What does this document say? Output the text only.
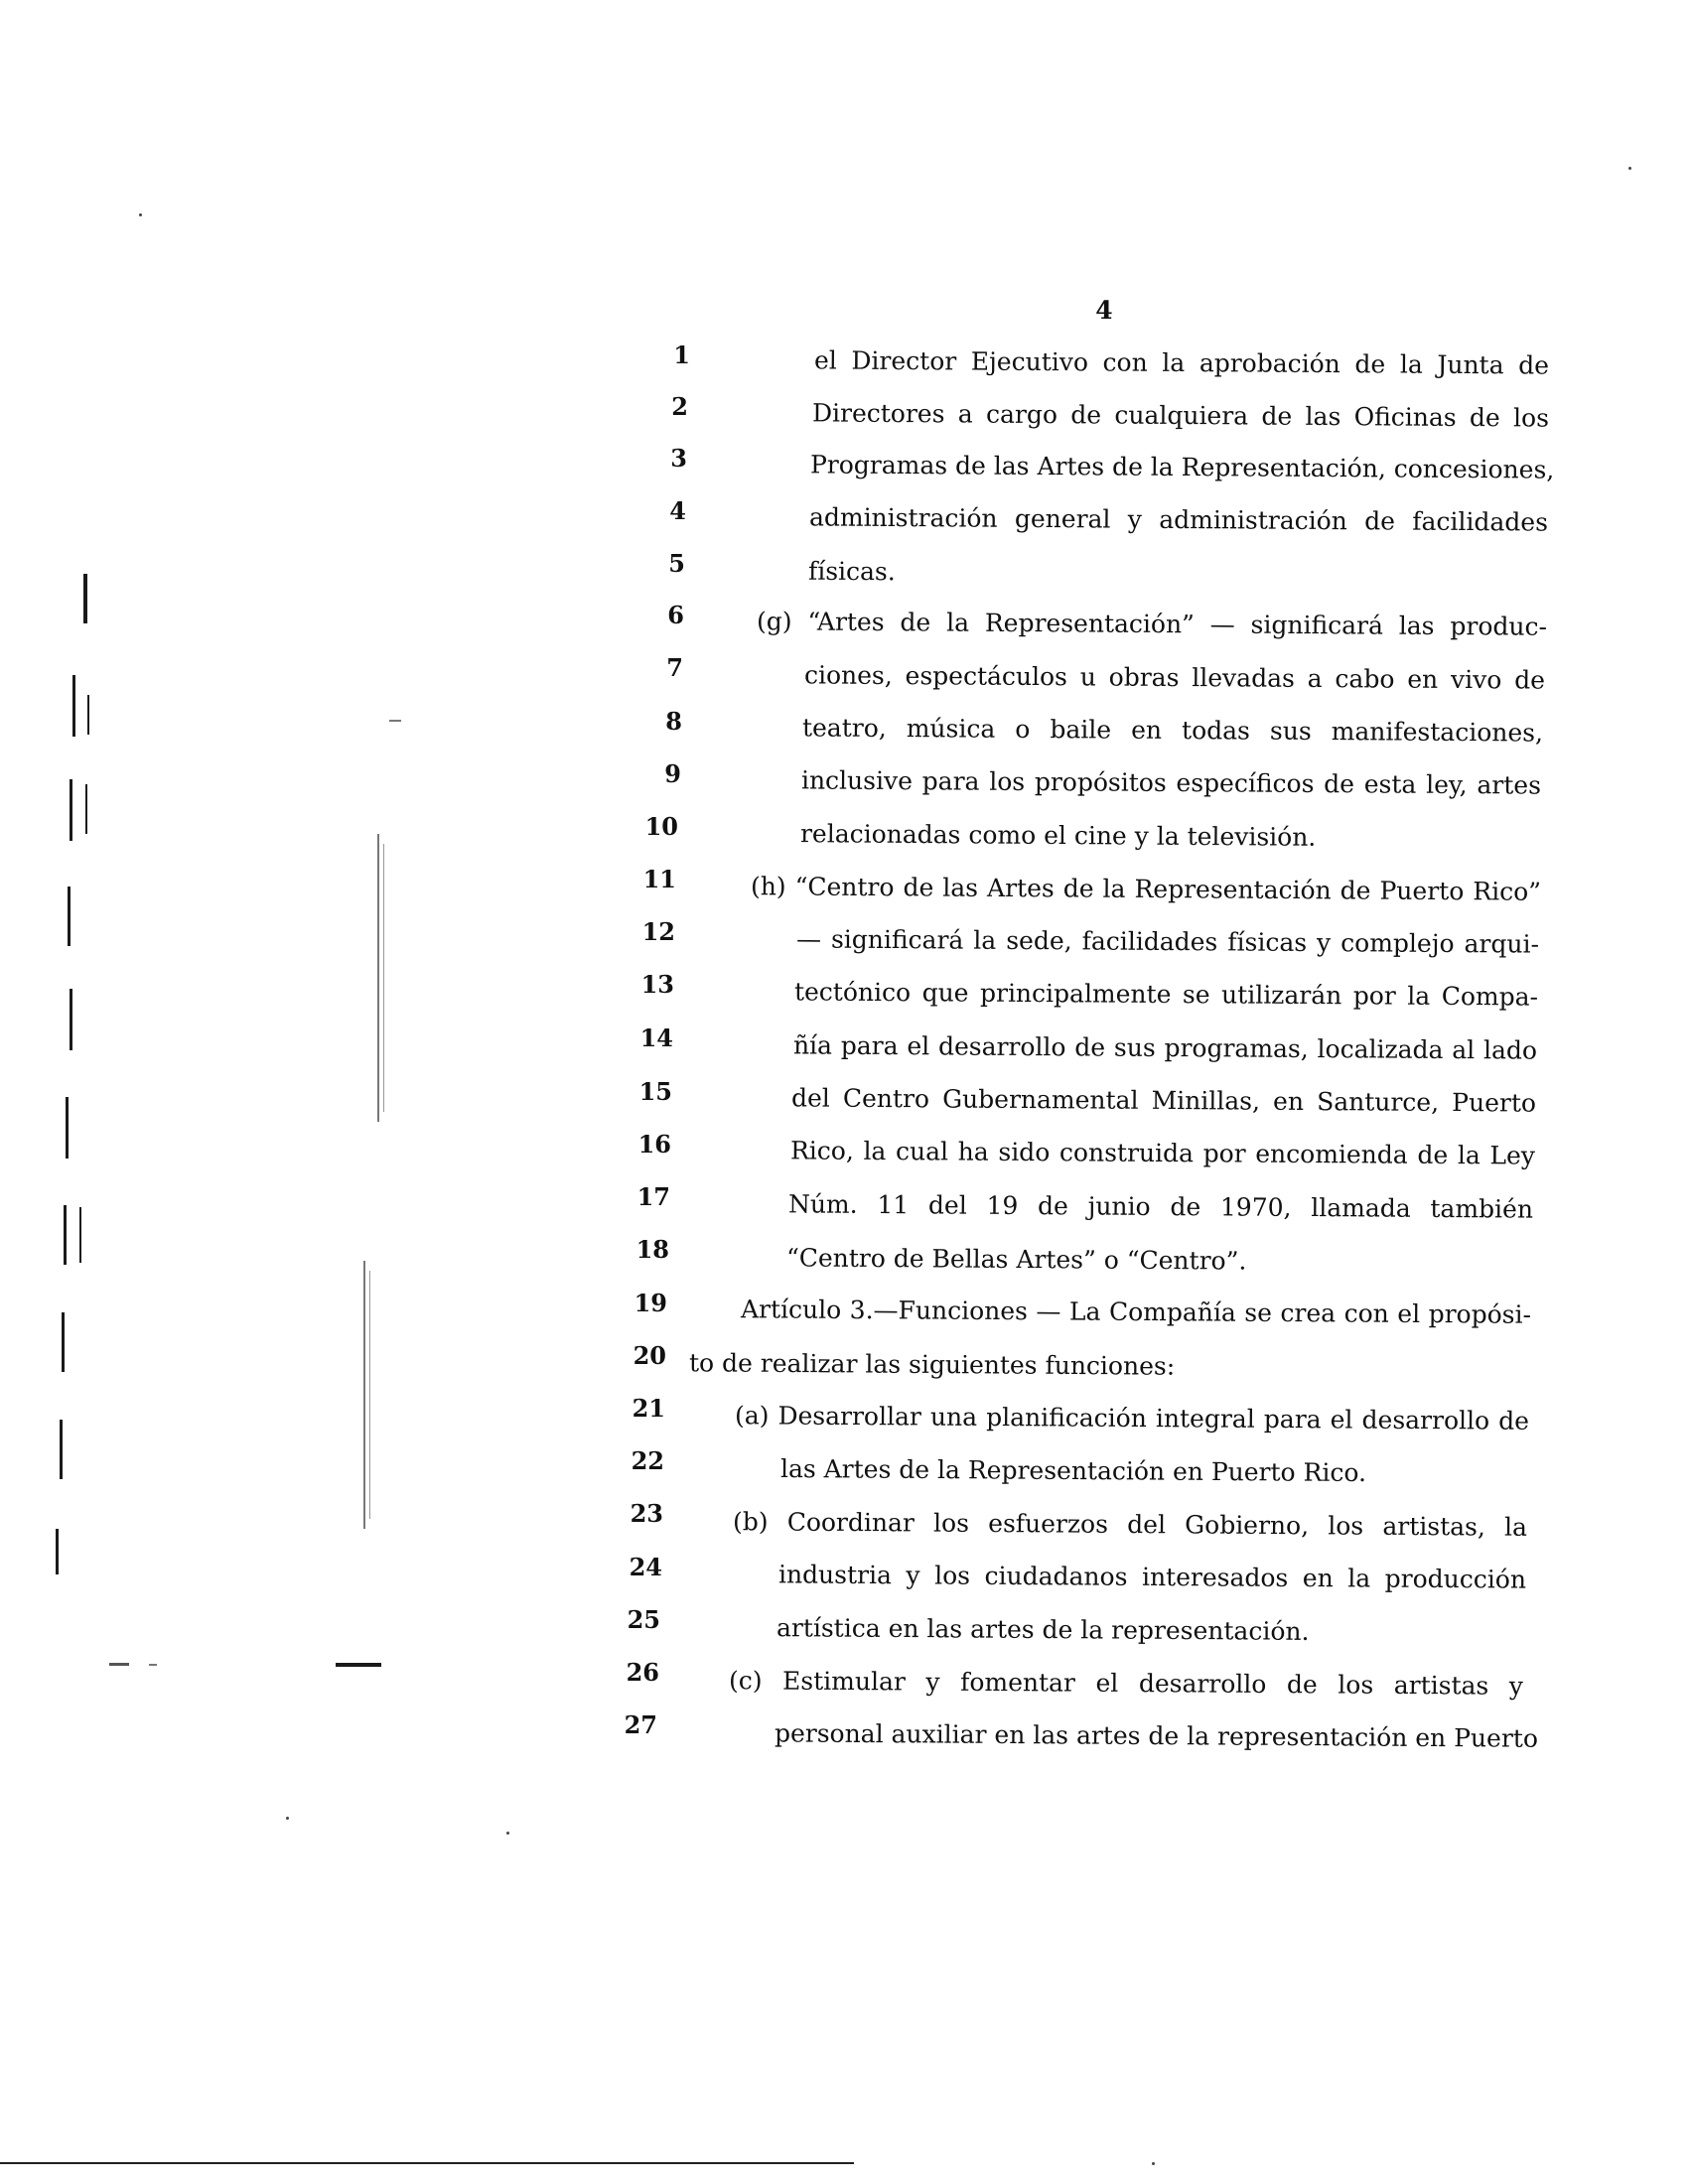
4
1
2
3
4
5
6
7
8
9
10
11
12
13
14
15
16
17
18
19
20
21
22
23
24
25
26
27
el Director Ejecutivo con la aprobación de la Junta de
Directores a cargo de cualquiera de las Oficinas de los
Programas de las Artes de la Representación, concesiones,
administración general y administración de facilidades
físicas.
(g) “Artes de la Representación” — significará las produc-
ciones, espectáculos u obras llevadas a cabo en vivo de
teatro, música o baile en todas sus manifestaciones,
inclusive para los propósitos específicos de esta ley, artes
relacionadas como el cine y la televisión.
(h) “Centro de las Artes de la Representación de Puerto Rico”
— significará la sede, facilidades físicas y complejo arqui-
tectónico que principalmente se utilizarán por la Compa-
ñía para el desarrollo de sus programas, localizada al lado
del Centro Gubernamental Minillas, en Santurce, Puerto
Rico, la cual ha sido construida por encomienda de la Ley
Núm. 11 del 19 de junio de 1970, llamada también
“Centro de Bellas Artes” o “Centro”.
Artículo 3.—Funciones — La Compañía se crea con el propósi-
to de realizar las siguientes funciones:
(a) Desarrollar una planificación integral para el desarrollo de
las Artes de la Representación en Puerto Rico.
(b) Coordinar los esfuerzos del Gobierno, los artistas, la
industria y los ciudadanos interesados en la producción
artística en las artes de la representación.
(c) Estimular y fomentar el desarrollo de los artistas y
personal auxiliar en las artes de la representación en Puerto
